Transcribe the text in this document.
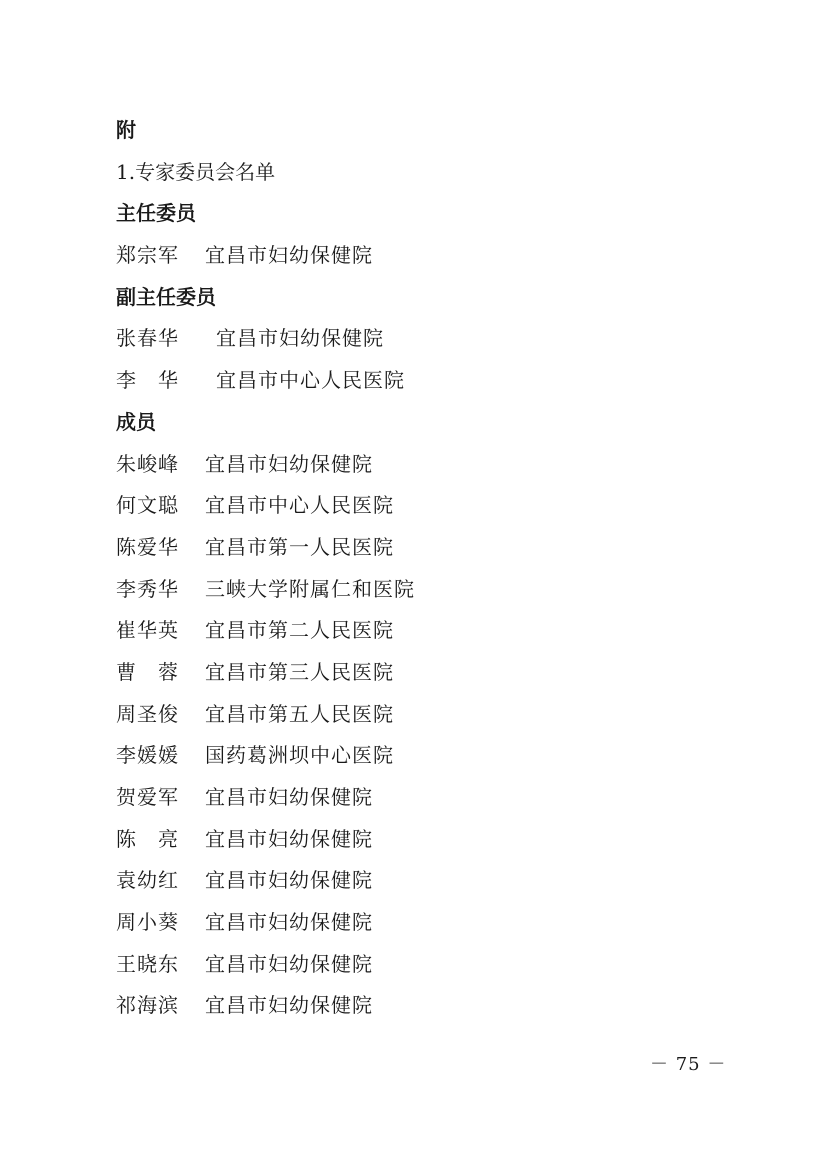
附
1.专家委员会名单
主任委员
郑宗军	宜昌市妇幼保健院
副主任委员
张春华	宜昌市妇幼保健院
李　华	宜昌市中心人民医院
成员
朱峻峰	宜昌市妇幼保健院
何文聪	宜昌市中心人民医院
陈爱华	宜昌市第一人民医院
李秀华	三峡大学附属仁和医院
崔华英	宜昌市第二人民医院
曹　蓉	宜昌市第三人民医院
周圣俊	宜昌市第五人民医院
李媛媛	国药葛洲坝中心医院
贺爱军	宜昌市妇幼保健院
陈　亮	宜昌市妇幼保健院
袁幼红	宜昌市妇幼保健院
周小葵	宜昌市妇幼保健院
王晓东	宜昌市妇幼保健院
祁海滨	宜昌市妇幼保健院
－ 75 －
